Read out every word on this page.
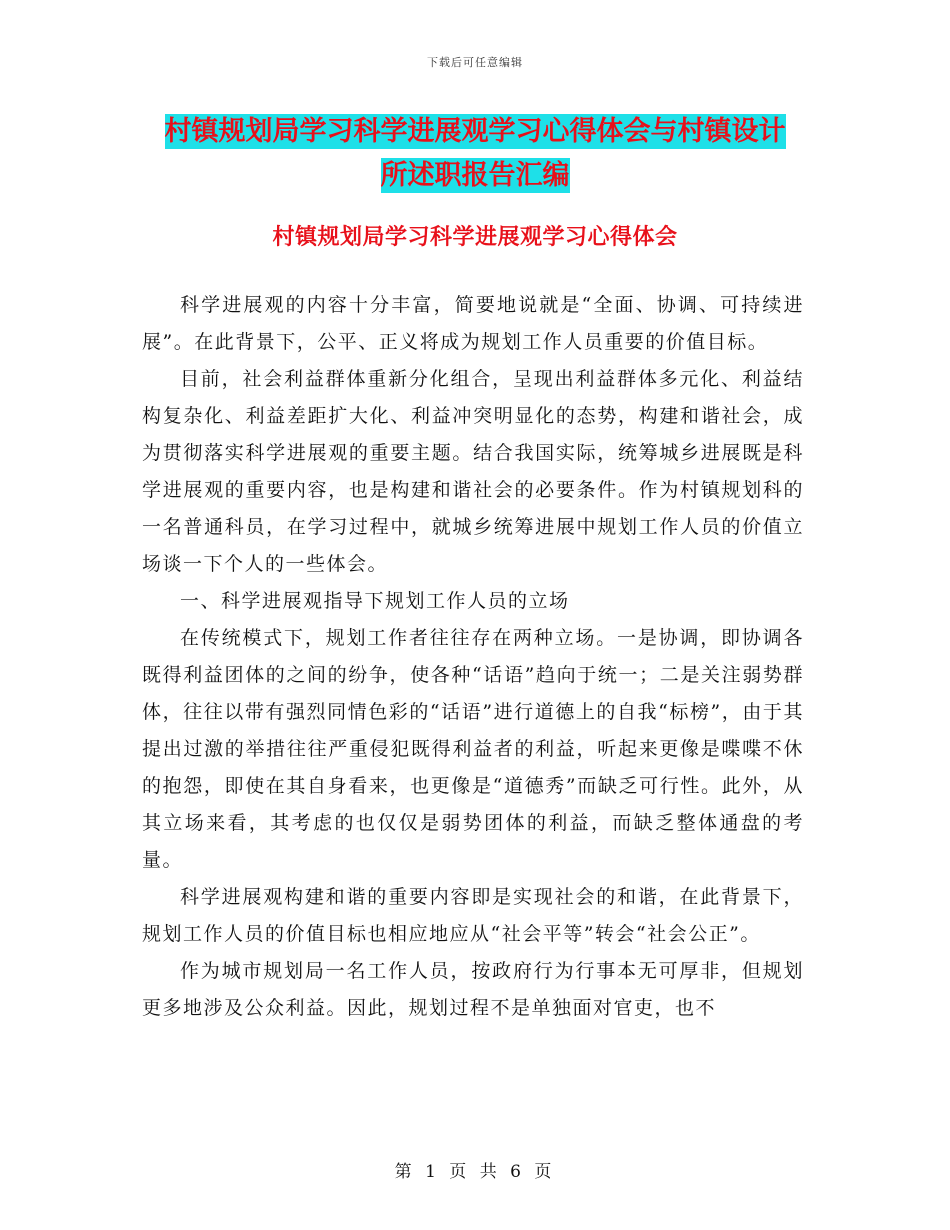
下载后可任意编辑
村镇规划局学习科学进展观学习心得体会与村镇设计
所述职报告汇编
村镇规划局学习科学进展观学习心得体会

科学进展观的内容十分丰富，简要地说就是“全面、协调、可持续进展”。在此背景下，公平、正义将成为规划工作人员重要的价值目标。

目前，社会利益群体重新分化组合，呈现出利益群体多元化、利益结构复杂化、利益差距扩大化、利益冲突明显化的态势，构建和谐社会，成为贯彻落实科学进展观的重要主题。结合我国实际，统筹城乡进展既是科学进展观的重要内容，也是构建和谐社会的必要条件。作为村镇规划科的一名普通科员，在学习过程中，就城乡统筹进展中规划工作人员的价值立场谈一下个人的一些体会。

一、科学进展观指导下规划工作人员的立场

在传统模式下，规划工作者往往存在两种立场。一是协调，即协调各既得利益团体的之间的纷争，使各种“话语”趋向于统一；二是关注弱势群体，往往以带有强烈同情色彩的“话语”进行道德上的自我“标榜”，由于其提出过激的举措往往严重侵犯既得利益者的利益，听起来更像是喋喋不休的抱怨，即使在其自身看来，也更像是“道德秀”而缺乏可行性。此外，从其立场来看，其考虑的也仅仅是弱势团体的利益，而缺乏整体通盘的考量。

科学进展观构建和谐的重要内容即是实现社会的和谐，在此背景下，规划工作人员的价值目标也相应地应从“社会平等”转会“社会公正”。

作为城市规划局一名工作人员，按政府行为行事本无可厚非，但规划更多地涉及公众利益。因此，规划过程不是单独面对官吏，也不

第 1 页 共 6 页
